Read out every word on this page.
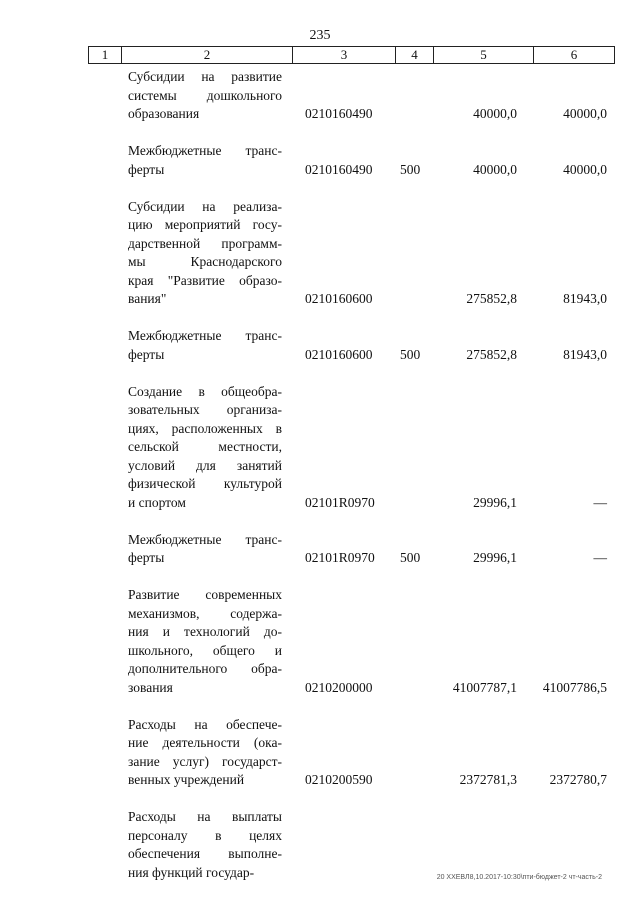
235
1	2	3	4	5	6
Субсидии на развитие
системы дошкольного
образования	0210160490	40000,0	40000,0
Межбюджетные транс-
ферты	0210160490 500	40000,0	40000,0
Субсидии на реализа-
цию мероприятий госу-
дарственной программ-
мы Краснодарского
края "Развитие образо-
вания"	0210160600	275852,8	81943,0
Межбюджетные транс-
ферты	0210160600 500	275852,8	81943,0
Создание в общеобра-
зовательных организа-
циях, расположенных в
сельской местности,
условий для занятий
физической культурой
и спортом	02101R0970	29996,1	—
Межбюджетные транс-
ферты	02101R0970 500	29996,1	—
Развитие современных
механизмов, содержа-
ния и технологий до-
школьного, общего и
дополнительного обра-
зования	0210200000	41007787,1 41007786,5
Расходы на обеспече-
ние деятельности (ока-
зание услуг) государст-
венных учреждений	0210200590	2372781,3 2372780,7
Расходы на выплаты
персоналу в целях
обеспечения выполне-
ния функций государ-	20 ХХЕВЛ8,10.2017-10:30\пти-бюджет-2 чт-часть-2
